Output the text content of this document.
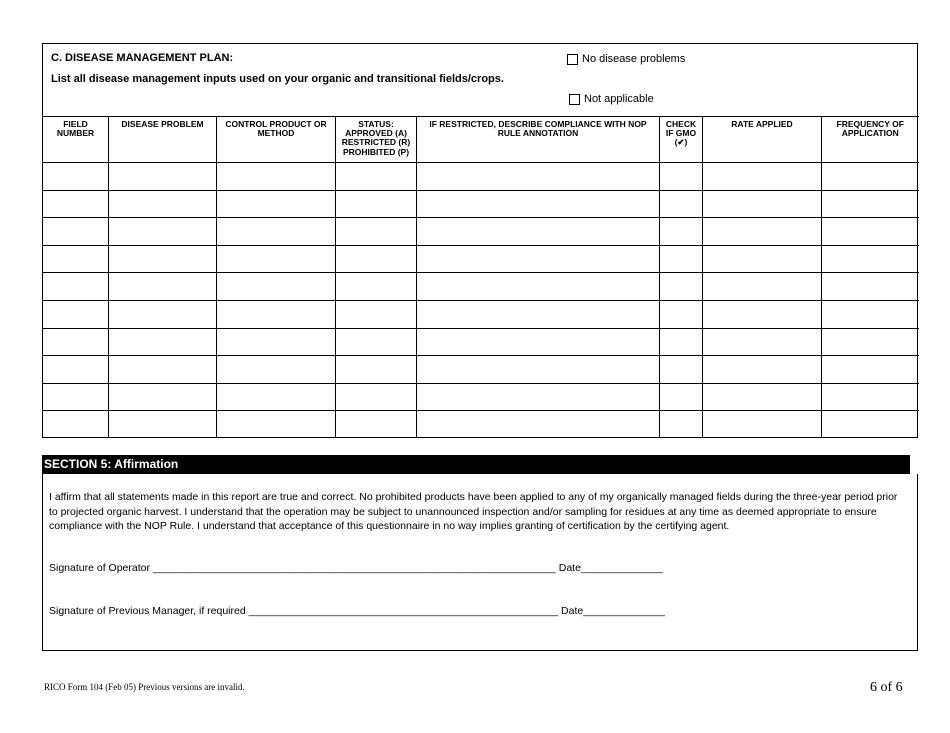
C. DISEASE MANAGEMENT PLAN:
List all disease management inputs used on your organic and transitional fields/crops.
No disease problems
Not applicable
FIELD NUMBER	DISEASE PROBLEM	CONTROL PRODUCT OR METHOD	STATUS: APPROVED (A) RESTRICTED (R) PROHIBITED (P)	IF RESTRICTED, DESCRIBE COMPLIANCE WITH NOP RULE ANNOTATION	CHECK IF GMO (✔)	RATE APPLIED	FREQUENCY OF APPLICATION

SECTION 5: Affirmation
I affirm that all statements made in this report are true and correct. No prohibited products have been applied to any of my organically managed fields during the three-year period prior to projected organic harvest. I understand that the operation may be subject to unannounced inspection and/or sampling for residues at any time as deemed appropriate to ensure compliance with the NOP Rule. I understand that acceptance of this questionnaire in no way implies granting of certification by the certifying agent.
Signature of Operator _____________________________________________________________________ Date______________
Signature of Previous Manager, if required _____________________________________________________ Date______________
RICO Form 104 (Feb 05) Previous versions are invalid.	6 of 6
